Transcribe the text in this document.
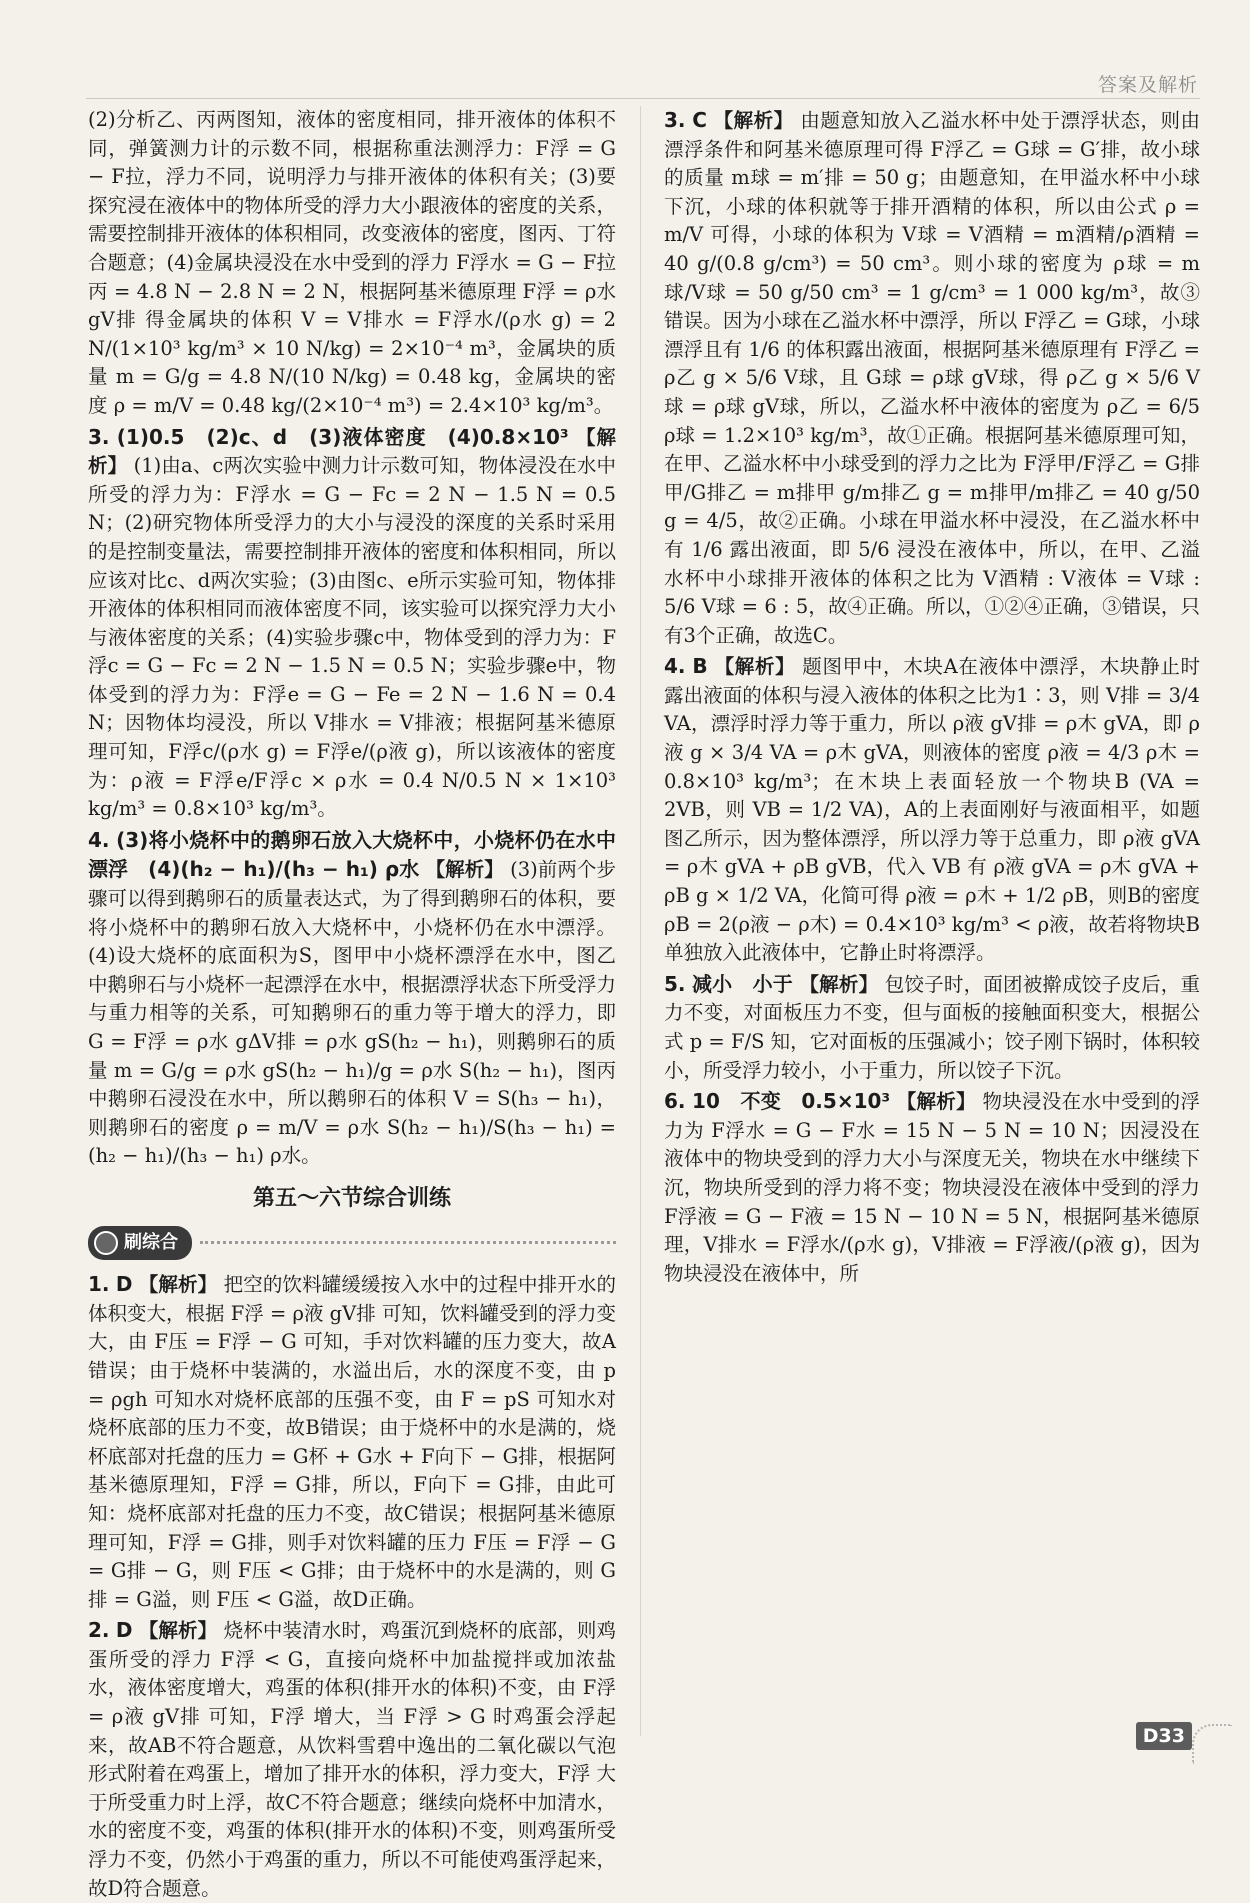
答案及解析

(2)分析乙、丙两图知，液体的密度相同，排开液体的体积不同，弹簧测力计的示数不同，根据称重法测浮力：F浮 = G − F拉，浮力不同，说明浮力与排开液体的体积有关；(3)要探究浸在液体中的物体所受的浮力大小跟液体的密度的关系，需要控制排开液体的体积相同，改变液体的密度，图丙、丁符合题意；(4)金属块浸没在水中受到的浮力 F浮水 = G − F拉丙 = 4.8 N − 2.8 N = 2 N，根据阿基米德原理 F浮 = ρ水 gV排 得金属块的体积 V = V排水 = F浮水/(ρ水 g) = 2 N/(1×10³ kg/m³ × 10 N/kg) = 2×10⁻⁴ m³，金属块的质量 m = G/g = 4.8 N/(10 N/kg) = 0.48 kg，金属块的密度 ρ = m/V = 0.48 kg/(2×10⁻⁴ m³) = 2.4×10³ kg/m³。

3. (1)0.5　(2)c、d　(3)液体密度　(4)0.8×10³ 【解析】 (1)由a、c两次实验中测力计示数可知，物体浸没在水中所受的浮力为：F浮水 = G − Fc = 2 N − 1.5 N = 0.5 N；(2)研究物体所受浮力的大小与浸没的深度的关系时采用的是控制变量法，需要控制排开液体的密度和体积相同，所以应该对比c、d两次实验；(3)由图c、e所示实验可知，物体排开液体的体积相同而液体密度不同，该实验可以探究浮力大小与液体密度的关系；(4)实验步骤c中，物体受到的浮力为：F浮c = G − Fc = 2 N − 1.5 N = 0.5 N；实验步骤e中，物体受到的浮力为：F浮e = G − Fe = 2 N − 1.6 N = 0.4 N；因物体均浸没，所以 V排水 = V排液；根据阿基米德原理可知，F浮c/(ρ水 g) = F浮e/(ρ液 g)，所以该液体的密度为：ρ液 = F浮e/F浮c × ρ水 = 0.4 N/0.5 N × 1×10³ kg/m³ = 0.8×10³ kg/m³。
4. (3)将小烧杯中的鹅卵石放入大烧杯中，小烧杯仍在水中漂浮　(4)(h₂ − h₁)/(h₃ − h₁) ρ水 【解析】 (3)前两个步骤可以得到鹅卵石的质量表达式，为了得到鹅卵石的体积，要将小烧杯中的鹅卵石放入大烧杯中，小烧杯仍在水中漂浮。(4)设大烧杯的底面积为S，图甲中小烧杯漂浮在水中，图乙中鹅卵石与小烧杯一起漂浮在水中，根据漂浮状态下所受浮力与重力相等的关系，可知鹅卵石的重力等于增大的浮力，即 G = F浮 = ρ水 gΔV排 = ρ水 gS(h₂ − h₁)，则鹅卵石的质量 m = G/g = ρ水 gS(h₂ − h₁)/g = ρ水 S(h₂ − h₁)，图丙中鹅卵石浸没在水中，所以鹅卵石的体积 V = S(h₃ − h₁)，则鹅卵石的密度 ρ = m/V = ρ水 S(h₂ − h₁)/S(h₃ − h₁) = (h₂ − h₁)/(h₃ − h₁) ρ水。
第五～六节综合训练
刷综合
1. D 【解析】 把空的饮料罐缓缓按入水中的过程中排开水的体积变大，根据 F浮 = ρ液 gV排 可知，饮料罐受到的浮力变大，由 F压 = F浮 − G 可知，手对饮料罐的压力变大，故A错误；由于烧杯中装满的，水溢出后，水的深度不变，由 p = ρgh 可知水对烧杯底部的压强不变，由 F = pS 可知水对烧杯底部的压力不变，故B错误；由于烧杯中的水是满的，烧杯底部对托盘的压力 = G杯 + G水 + F向下 − G排，根据阿基米德原理知，F浮 = G排，所以，F向下 = G排，由此可知：烧杯底部对托盘的压力不变，故C错误；根据阿基米德原理可知，F浮 = G排，则手对饮料罐的压力 F压 = F浮 − G = G排 − G，则 F压 < G排；由于烧杯中的水是满的，则 G排 = G溢，则 F压 < G溢，故D正确。
2. D 【解析】 烧杯中装清水时，鸡蛋沉到烧杯的底部，则鸡蛋所受的浮力 F浮 < G，直接向烧杯中加盐搅拌或加浓盐水，液体密度增大，鸡蛋的体积(排开水的体积)不变，由 F浮 = ρ液 gV排 可知，F浮 增大，当 F浮 > G 时鸡蛋会浮起来，故AB不符合题意，从饮料雪碧中逸出的二氧化碳以气泡形式附着在鸡蛋上，增加了排开水的体积，浮力变大，F浮 大于所受重力时上浮，故C不符合题意；继续向烧杯中加清水，水的密度不变，鸡蛋的体积(排开水的体积)不变，则鸡蛋所受浮力不变，仍然小于鸡蛋的重力，所以不可能使鸡蛋浮起来，故D符合题意。
3. C 【解析】 由题意知放入乙溢水杯中处于漂浮状态，则由漂浮条件和阿基米德原理可得 F浮乙 = G球 = G′排，故小球的质量 m球 = m′排 = 50 g；由题意知，在甲溢水杯中小球下沉，小球的体积就等于排开酒精的体积，所以由公式 ρ = m/V 可得，小球的体积为 V球 = V酒精 = m酒精/ρ酒精 = 40 g/(0.8 g/cm³) = 50 cm³。则小球的密度为 ρ球 = m球/V球 = 50 g/50 cm³ = 1 g/cm³ = 1 000 kg/m³，故③错误。因为小球在乙溢水杯中漂浮，所以 F浮乙 = G球，小球漂浮且有 1/6 的体积露出液面，根据阿基米德原理有 F浮乙 = ρ乙 g × 5/6 V球，且 G球 = ρ球 gV球，得 ρ乙 g × 5/6 V球 = ρ球 gV球，所以，乙溢水杯中液体的密度为 ρ乙 = 6/5 ρ球 = 1.2×10³ kg/m³，故①正确。根据阿基米德原理可知，在甲、乙溢水杯中小球受到的浮力之比为 F浮甲/F浮乙 = G排甲/G排乙 = m排甲 g/m排乙 g = m排甲/m排乙 = 40 g/50 g = 4/5，故②正确。小球在甲溢水杯中浸没，在乙溢水杯中有 1/6 露出液面，即 5/6 浸没在液体中，所以，在甲、乙溢水杯中小球排开液体的体积之比为 V酒精 : V液体 = V球 : 5/6 V球 = 6 : 5，故④正确。所以，①②④正确，③错误，只有3个正确，故选C。
4. B 【解析】 题图甲中，木块A在液体中漂浮，木块静止时露出液面的体积与浸入液体的体积之比为1∶3，则 V排 = 3/4 VA，漂浮时浮力等于重力，所以 ρ液 gV排 = ρ木 gVA，即 ρ液 g × 3/4 VA = ρ木 gVA，则液体的密度 ρ液 = 4/3 ρ木 = 0.8×10³ kg/m³；在木块上表面轻放一个物块B (VA = 2VB，则 VB = 1/2 VA)，A的上表面刚好与液面相平，如题图乙所示，因为整体漂浮，所以浮力等于总重力，即 ρ液 gVA = ρ木 gVA + ρB gVB，代入 VB 有 ρ液 gVA = ρ木 gVA + ρB g × 1/2 VA，化简可得 ρ液 = ρ木 + 1/2 ρB，则B的密度 ρB = 2(ρ液 − ρ木) = 0.4×10³ kg/m³ < ρ液，故若将物块B单独放入此液体中，它静止时将漂浮。
5. 减小　小于 【解析】 包饺子时，面团被擀成饺子皮后，重力不变，对面板压力不变，但与面板的接触面积变大，根据公式 p = F/S 知，它对面板的压强减小；饺子刚下锅时，体积较小，所受浮力较小，小于重力，所以饺子下沉。
6. 10　不变　0.5×10³ 【解析】 物块浸没在水中受到的浮力为 F浮水 = G − F水 = 15 N − 5 N = 10 N；因浸没在液体中的物块受到的浮力大小与深度无关，物块在水中继续下沉，物块所受到的浮力将不变；物块浸没在液体中受到的浮力 F浮液 = G − F液 = 15 N − 10 N = 5 N，根据阿基米德原理，V排水 = F浮水/(ρ水 g)，V排液 = F浮液/(ρ液 g)，因为物块浸没在液体中，所
D33
